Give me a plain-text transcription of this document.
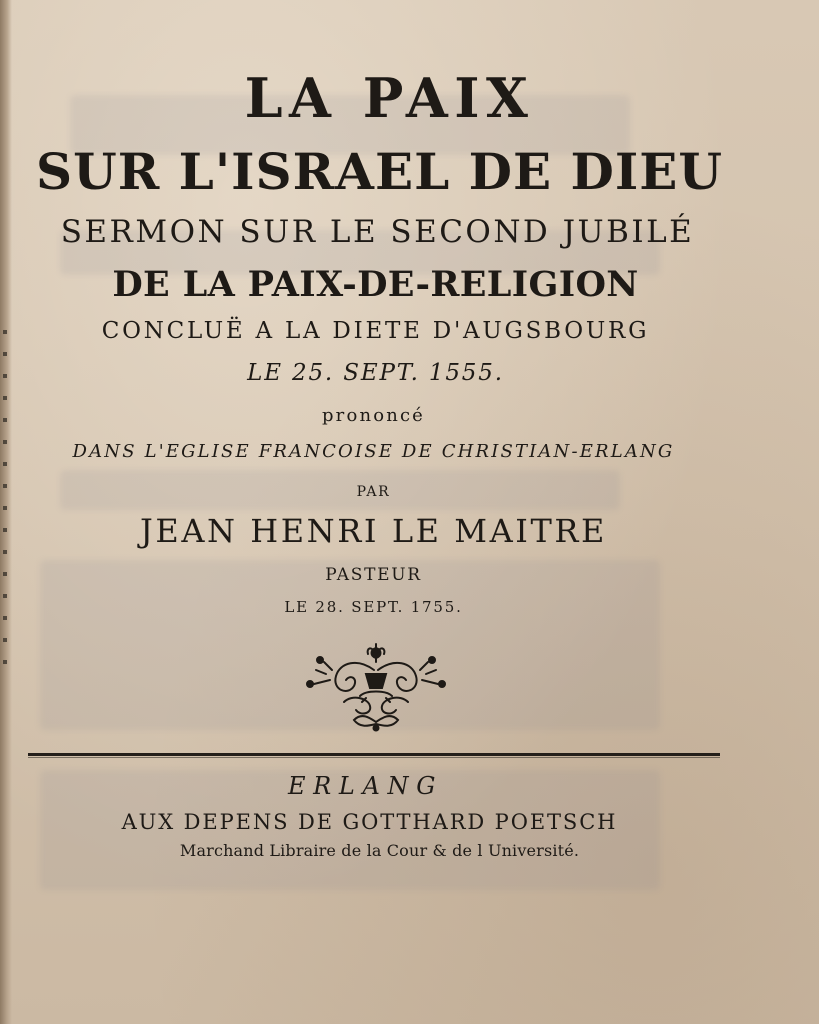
LA PAIX
SUR L'ISRAEL DE DIEU
SERMON SUR LE SECOND JUBILÉ
DE LA PAIX-DE-RELIGION
CONCLUË A LA DIETE D'AUGSBOURG
LE 25. SEPT. 1555.
prononcé
DANS L'EGLISE FRANCOISE DE CHRISTIAN-ERLANG
PAR
JEAN HENRI LE MAITRE
PASTEUR
LE 28. SEPT. 1755.
ERLANG
AUX DEPENS DE GOTTHARD POETSCH
Marchand Libraire de la Cour & de l Université.
